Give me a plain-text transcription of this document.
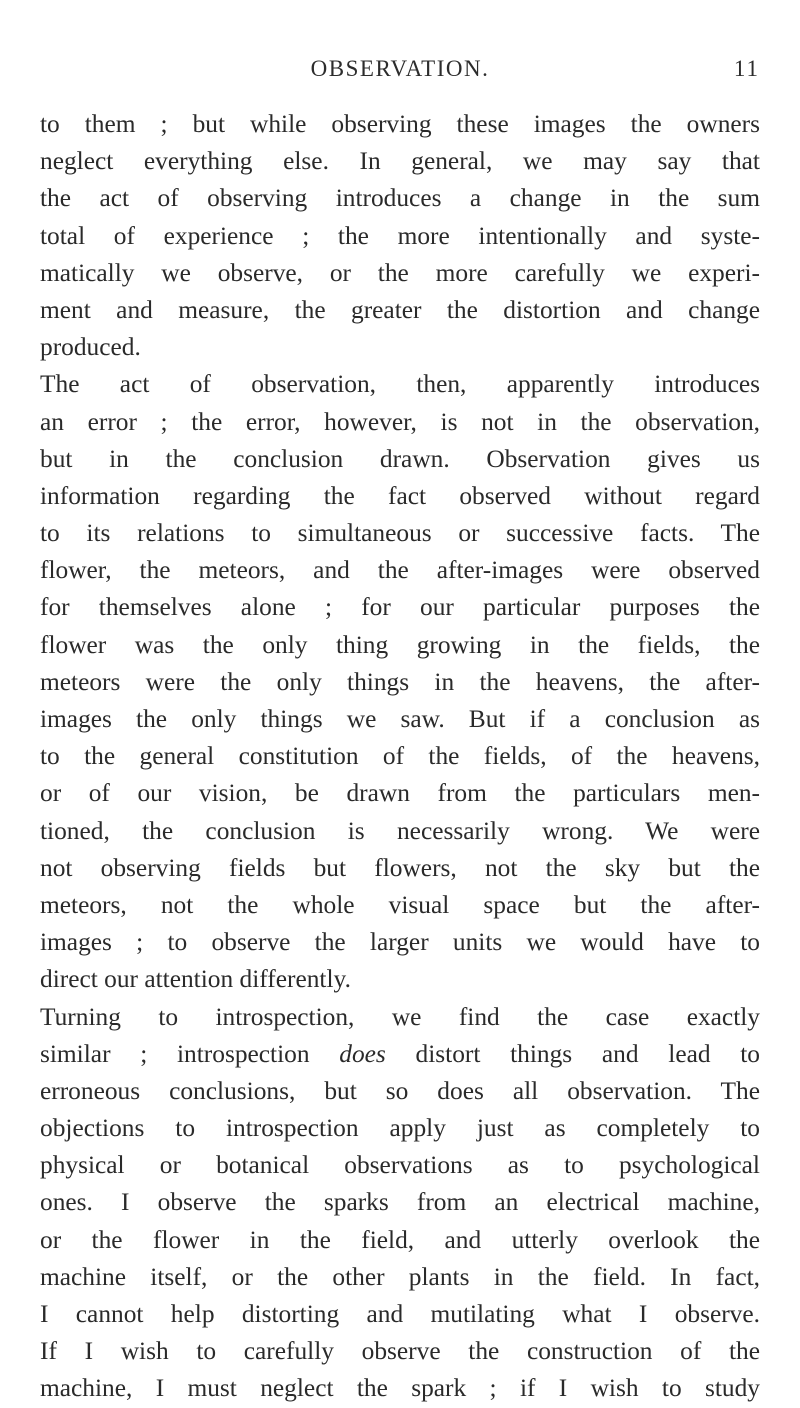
OBSERVATION.	11
to them ; but while observing these images the owners
neglect everything else. In general, we may say that
the act of observing introduces a change in the sum
total of experience ; the more intentionally and syste-
matically we observe, or the more carefully we experi-
ment and measure, the greater the distortion and change
produced.
The act of observation, then, apparently introduces
an error ; the error, however, is not in the observation,
but in the conclusion drawn. Observation gives us
information regarding the fact observed without regard
to its relations to simultaneous or successive facts. The
flower, the meteors, and the after-images were observed
for themselves alone ; for our particular purposes the
flower was the only thing growing in the fields, the
meteors were the only things in the heavens, the after-
images the only things we saw. But if a conclusion as
to the general constitution of the fields, of the heavens,
or of our vision, be drawn from the particulars men-
tioned, the conclusion is necessarily wrong. We were
not observing fields but flowers, not the sky but the
meteors, not the whole visual space but the after-
images ; to observe the larger units we would have to
direct our attention differently.
Turning to introspection, we find the case exactly
similar ; introspection does distort things and lead to
erroneous conclusions, but so does all observation. The
objections to introspection apply just as completely to
physical or botanical observations as to psychological
ones. I observe the sparks from an electrical machine,
or the flower in the field, and utterly overlook the
machine itself, or the other plants in the field. In fact,
I cannot help distorting and mutilating what I observe.
If I wish to carefully observe the construction of the
machine, I must neglect the spark ; if I wish to study
